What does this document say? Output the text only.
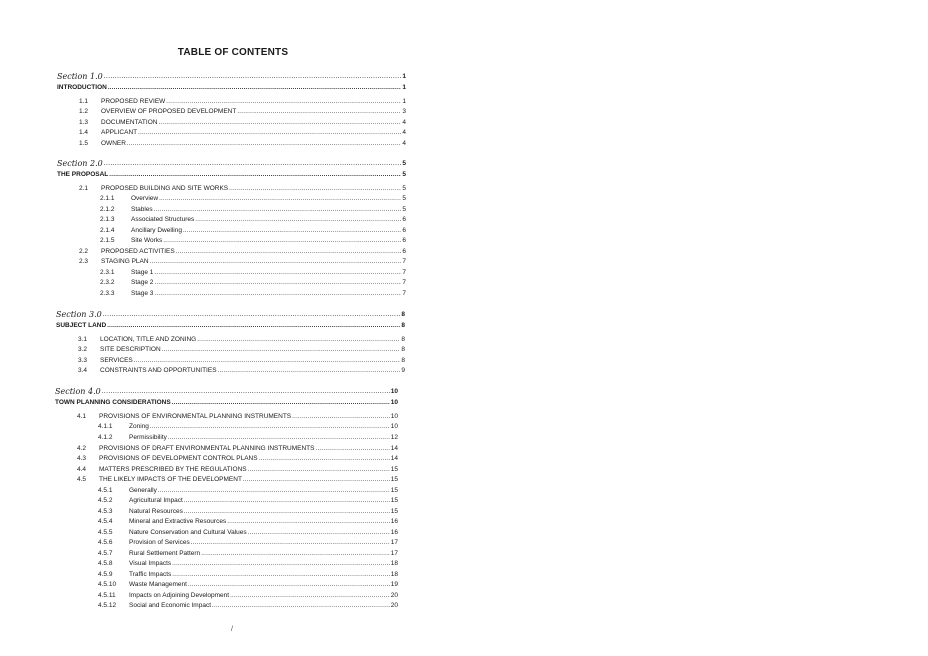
TABLE OF CONTENTS
Section 1.0 .....	1
INTRODUCTION .....	1
1.1	PROPOSED REVIEW .....	1
1.2	OVERVIEW OF PROPOSED DEVELOPMENT .....	3
1.3	DOCUMENTATION .....	4
1.4	APPLICANT .....	4
1.5	OWNER .....	4
Section 2.0 .....	5
THE PROPOSAL .....	5
2.1	PROPOSED BUILDING AND SITE WORKS .....	5
2.1.1	Overview .....	5
2.1.2	Stables .....	5
2.1.3	Associated Structures .....	6
2.1.4	Ancillary Dwelling .....	6
2.1.5	Site Works .....	6
2.2	PROPOSED ACTIVITIES .....	6
2.3	STAGING PLAN .....	7
2.3.1	Stage 1 .....	7
2.3.2	Stage 2 .....	7
2.3.3	Stage 3 .....	7
Section 3.0 .....	8
SUBJECT LAND .....	8
3.1	LOCATION, TITLE AND ZONING .....	8
3.2	SITE DESCRIPTION .....	8
3.3	SERVICES .....	8
3.4	CONSTRAINTS AND OPPORTUNITIES .....	9
Section 4.0 .....	10
TOWN PLANNING CONSIDERATIONS .....	10
4.1	PROVISIONS OF ENVIRONMENTAL PLANNING INSTRUMENTS .....	10
4.1.1	Zoning .....	10
4.1.2	Permissibility .....	12
4.2	PROVISIONS OF DRAFT ENVIRONMENTAL PLANNING INSTRUMENTS .....	14
4.3	PROVISIONS OF DEVELOPMENT CONTROL PLANS .....	14
4.4	MATTERS PRESCRIBED BY THE REGULATIONS .....	15
4.5	THE LIKELY IMPACTS OF THE DEVELOPMENT .....	15
4.5.1	Generally .....	15
4.5.2	Agricultural Impact .....	15
4.5.3	Natural Resources .....	15
4.5.4	Mineral and Extractive Resources .....	16
4.5.5	Nature Conservation and Cultural Values .....	16
4.5.6	Provision of Services .....	17
4.5.7	Rural Settlement Pattern .....	17
4.5.8	Visual Impacts .....	18
4.5.9	Traffic Impacts .....	18
4.5.10	Waste Management .....	19
4.5.11	Impacts on Adjoining Development .....	20
4.5.12	Social and Economic Impact .....	20
/
